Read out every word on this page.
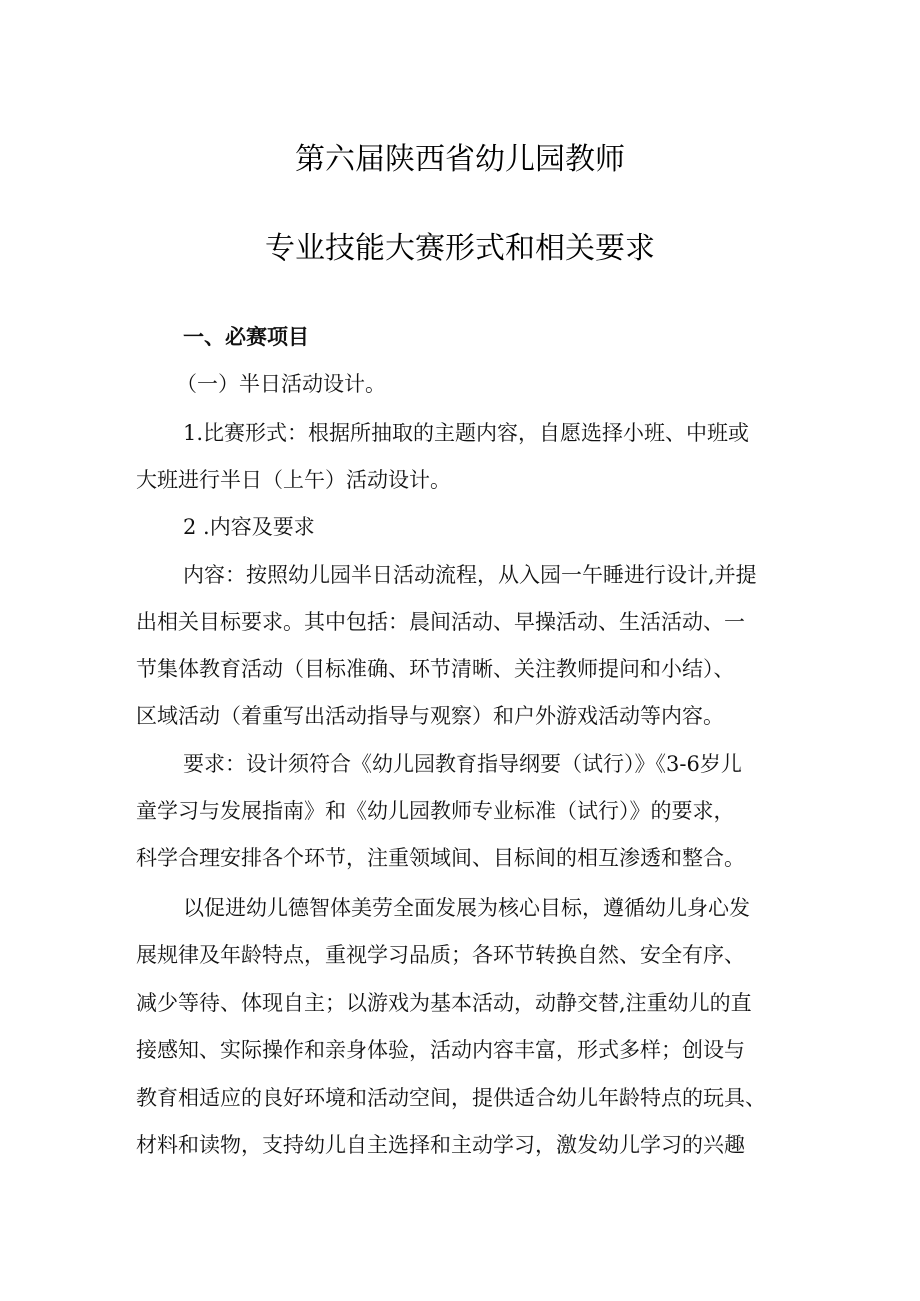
第六届陕西省幼儿园教师
专业技能大赛形式和相关要求

一、必赛项目

（一）半日活动设计。

1.比赛形式：根据所抽取的主题内容，自愿选择小班、中班或

大班进行半日（上午）活动设计。

2 .内容及要求

内容：按照幼儿园半日活动流程，从入园一午睡进行设计,并提

出相关目标要求。其中包括：晨间活动、早操活动、生活活动、一

节集体教育活动（目标准确、环节清晰、关注教师提问和小结）、

区域活动（着重写出活动指导与观察）和户外游戏活动等内容。

要求：设计须符合《幼儿园教育指导纲要（试行）》《3-6岁儿

童学习与发展指南》和《幼儿园教师专业标准（试行）》的要求，

科学合理安排各个环节，注重领域间、目标间的相互渗透和整合。

以促进幼儿德智体美劳全面发展为核心目标，遵循幼儿身心发

展规律及年龄特点，重视学习品质；各环节转换自然、安全有序、

减少等待、体现自主；以游戏为基本活动，动静交替,注重幼儿的直

接感知、实际操作和亲身体验，活动内容丰富，形式多样；创设与

教育相适应的良好环境和活动空间，提供适合幼儿年龄特点的玩具、

材料和读物，支持幼儿自主选择和主动学习，激发幼儿学习的兴趣
